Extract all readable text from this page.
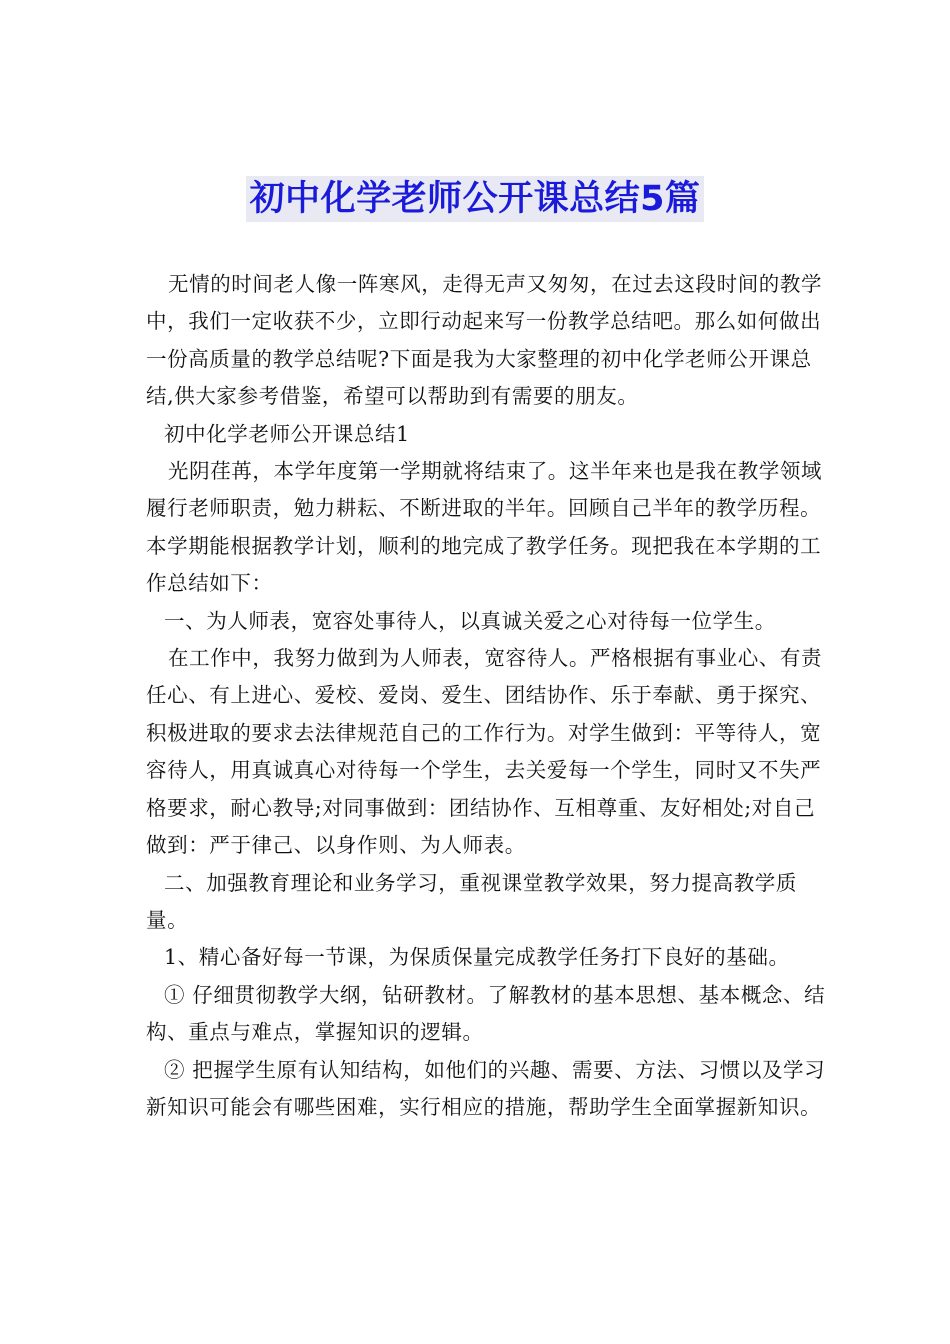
初中化学老师公开课总结5篇

无情的时间老人像一阵寒风，走得无声又匆匆，在过去这段时间的教学中，我们一定收获不少，立即行动起来写一份教学总结吧。那么如何做出一份高质量的教学总结呢?下面是我为大家整理的初中化学老师公开课总结,供大家参考借鉴，希望可以帮助到有需要的朋友。

初中化学老师公开课总结1

光阴荏苒，本学年度第一学期就将结束了。这半年来也是我在教学领域履行老师职责，勉力耕耘、不断进取的半年。回顾自己半年的教学历程。本学期能根据教学计划，顺利的地完成了教学任务。现把我在本学期的工作总结如下：

一、为人师表，宽容处事待人，以真诚关爱之心对待每一位学生。

在工作中，我努力做到为人师表，宽容待人。严格根据有事业心、有责任心、有上进心、爱校、爱岗、爱生、团结协作、乐于奉献、勇于探究、积极进取的要求去法律规范自己的工作行为。对学生做到：平等待人，宽容待人，用真诚真心对待每一个学生，去关爱每一个学生，同时又不失严格要求，耐心教导;对同事做到：团结协作、互相尊重、友好相处;对自己做到：严于律己、以身作则、为人师表。

二、加强教育理论和业务学习，重视课堂教学效果，努力提高教学质量。

1、精心备好每一节课，为保质保量完成教学任务打下良好的基础。

① 仔细贯彻教学大纲，钻研教材。了解教材的基本思想、基本概念、结构、重点与难点，掌握知识的逻辑。

② 把握学生原有认知结构，如他们的兴趣、需要、方法、习惯以及学习新知识可能会有哪些困难，实行相应的措施，帮助学生全面掌握新知识。
